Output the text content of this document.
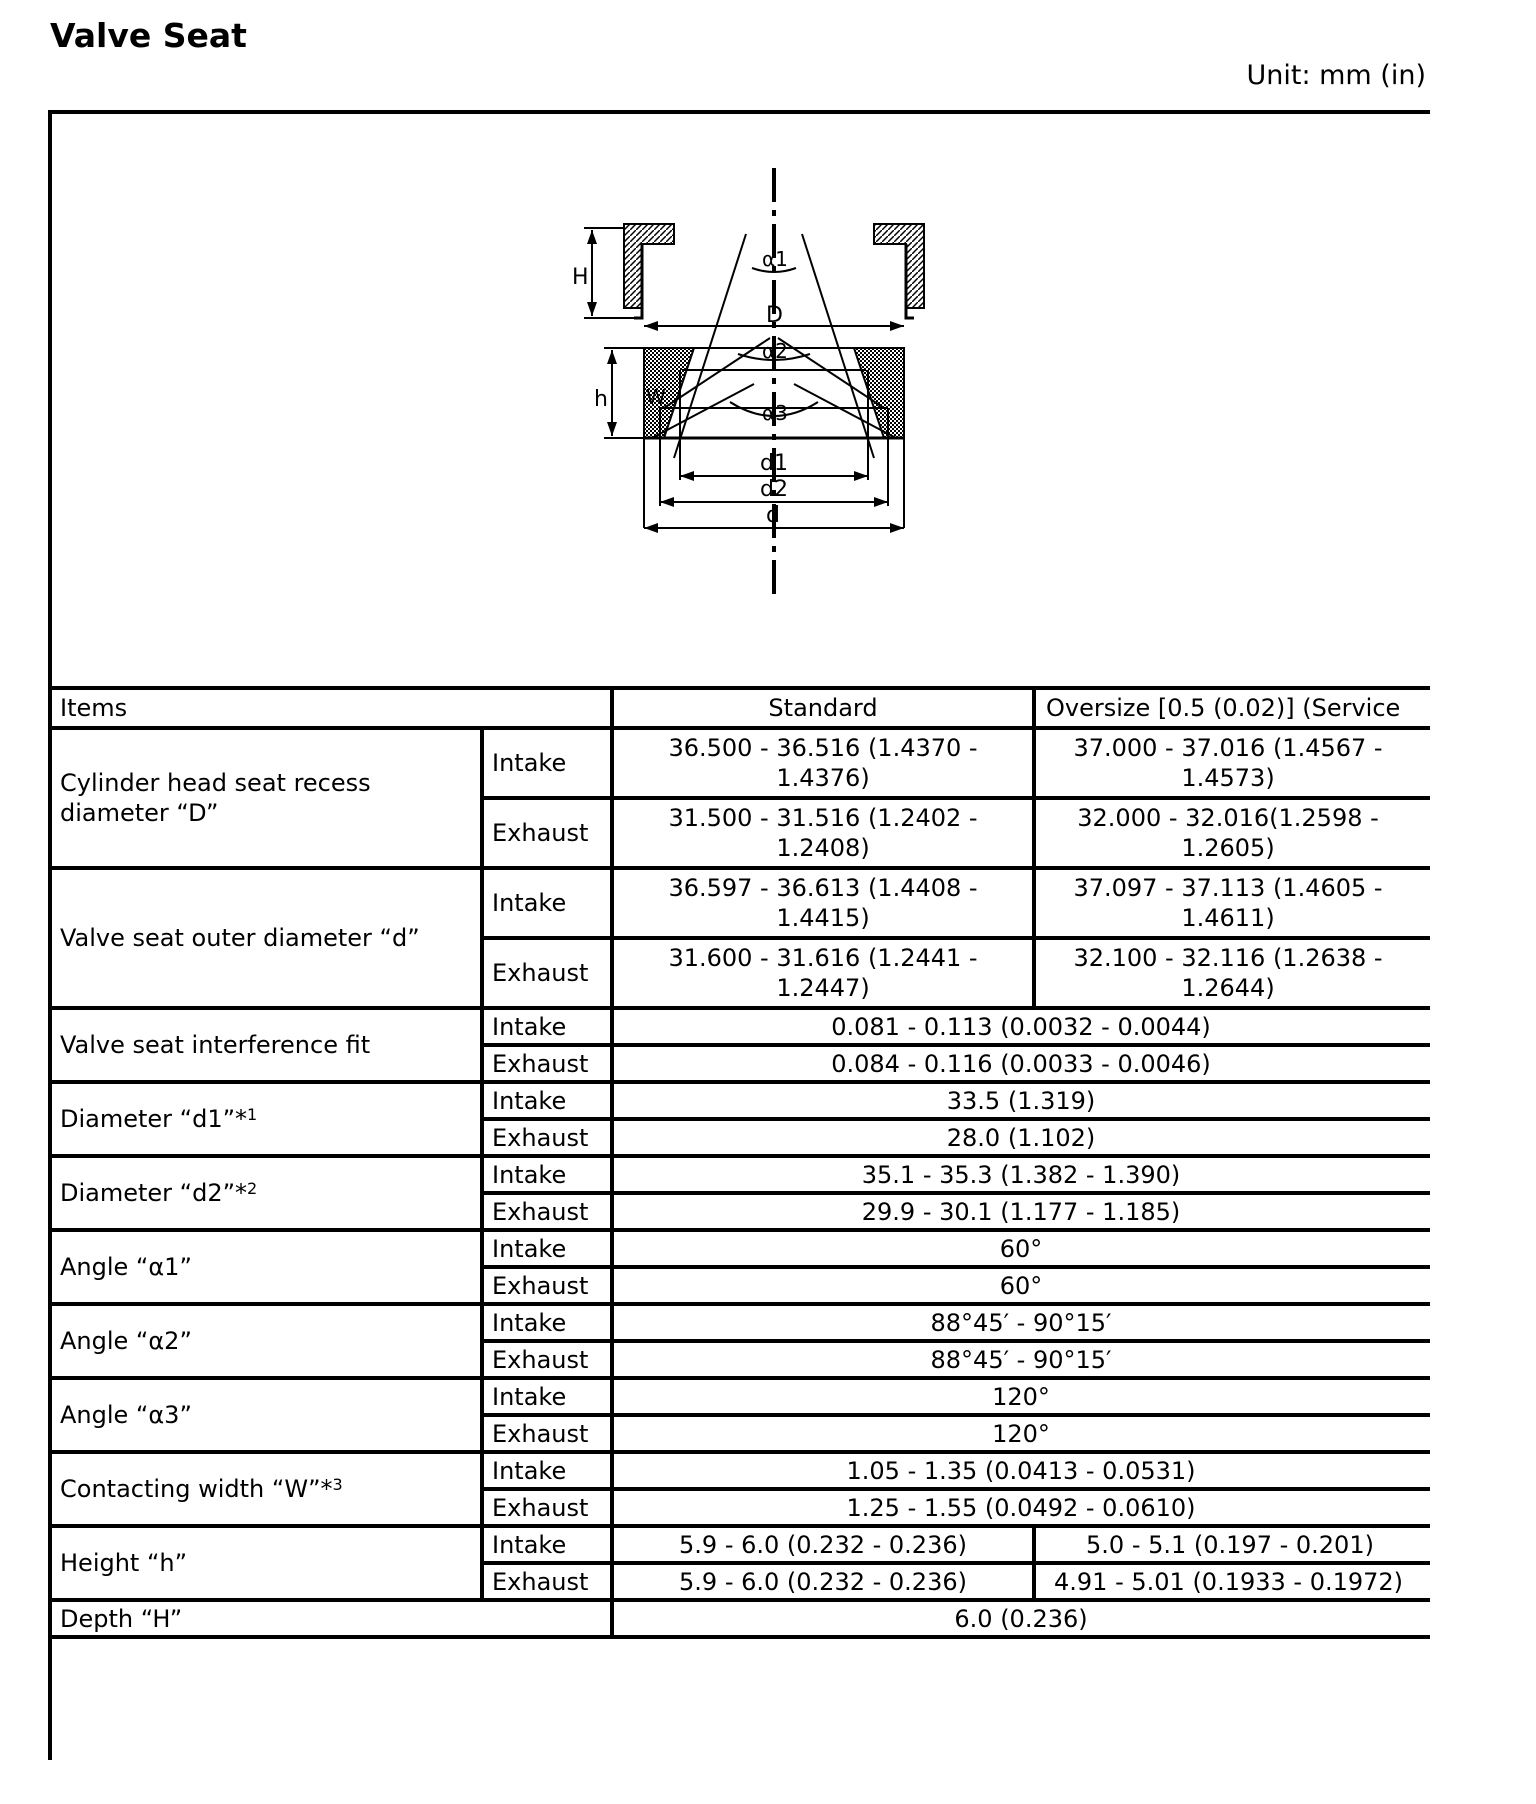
Valve Seat
Unit: mm (in)
H
D
α1
α2
α3
h W
d1
d2
d
Items		Standard	Oversize [0.5 (0.02)] (Service
Cylinder head seat recess diameter “D”	Intake	36.500 - 36.516 (1.4370 - 1.4376)	37.000 - 37.016 (1.4567 - 1.4573)
	Exhaust	31.500 - 31.516 (1.2402 - 1.2408)	32.000 - 32.016(1.2598 - 1.2605)
Valve seat outer diameter “d”	Intake	36.597 - 36.613 (1.4408 - 1.4415)	37.097 - 37.113 (1.4605 - 1.4611)
	Exhaust	31.600 - 31.616 (1.2441 - 1.2447)	32.100 - 32.116 (1.2638 - 1.2644)
Valve seat interference fit	Intake	0.081 - 0.113 (0.0032 - 0.0044)	
	Exhaust	0.084 - 0.116 (0.0033 - 0.0046)	
Diameter “d1”*$^1$	Intake	33.5 (1.319)	
	Exhaust	28.0 (1.102)	
Diameter “d2”*$^2$	Intake	35.1 - 35.3 (1.382 - 1.390)	
	Exhaust	29.9 - 30.1 (1.177 - 1.185)	
Angle “α1”	Intake	60°	
	Exhaust	60°	
Angle “α2”	Intake	88°45′ - 90°15′	
	Exhaust	88°45′ - 90°15′	
Angle “α3”	Intake	120°	
	Exhaust	120°	
Contacting width “W”*$^3$	Intake	1.05 - 1.35 (0.0413 - 0.0531)	
	Exhaust	1.25 - 1.55 (0.0492 - 0.0610)	
Height “h”	Intake	5.9 - 6.0 (0.232 - 0.236)	5.0 - 5.1 (0.197 - 0.201)
	Exhaust	5.9 - 6.0 (0.232 - 0.236)	4.91 - 5.01 (0.1933 - 0.1972)
Depth “H”		6.0 (0.236)	
